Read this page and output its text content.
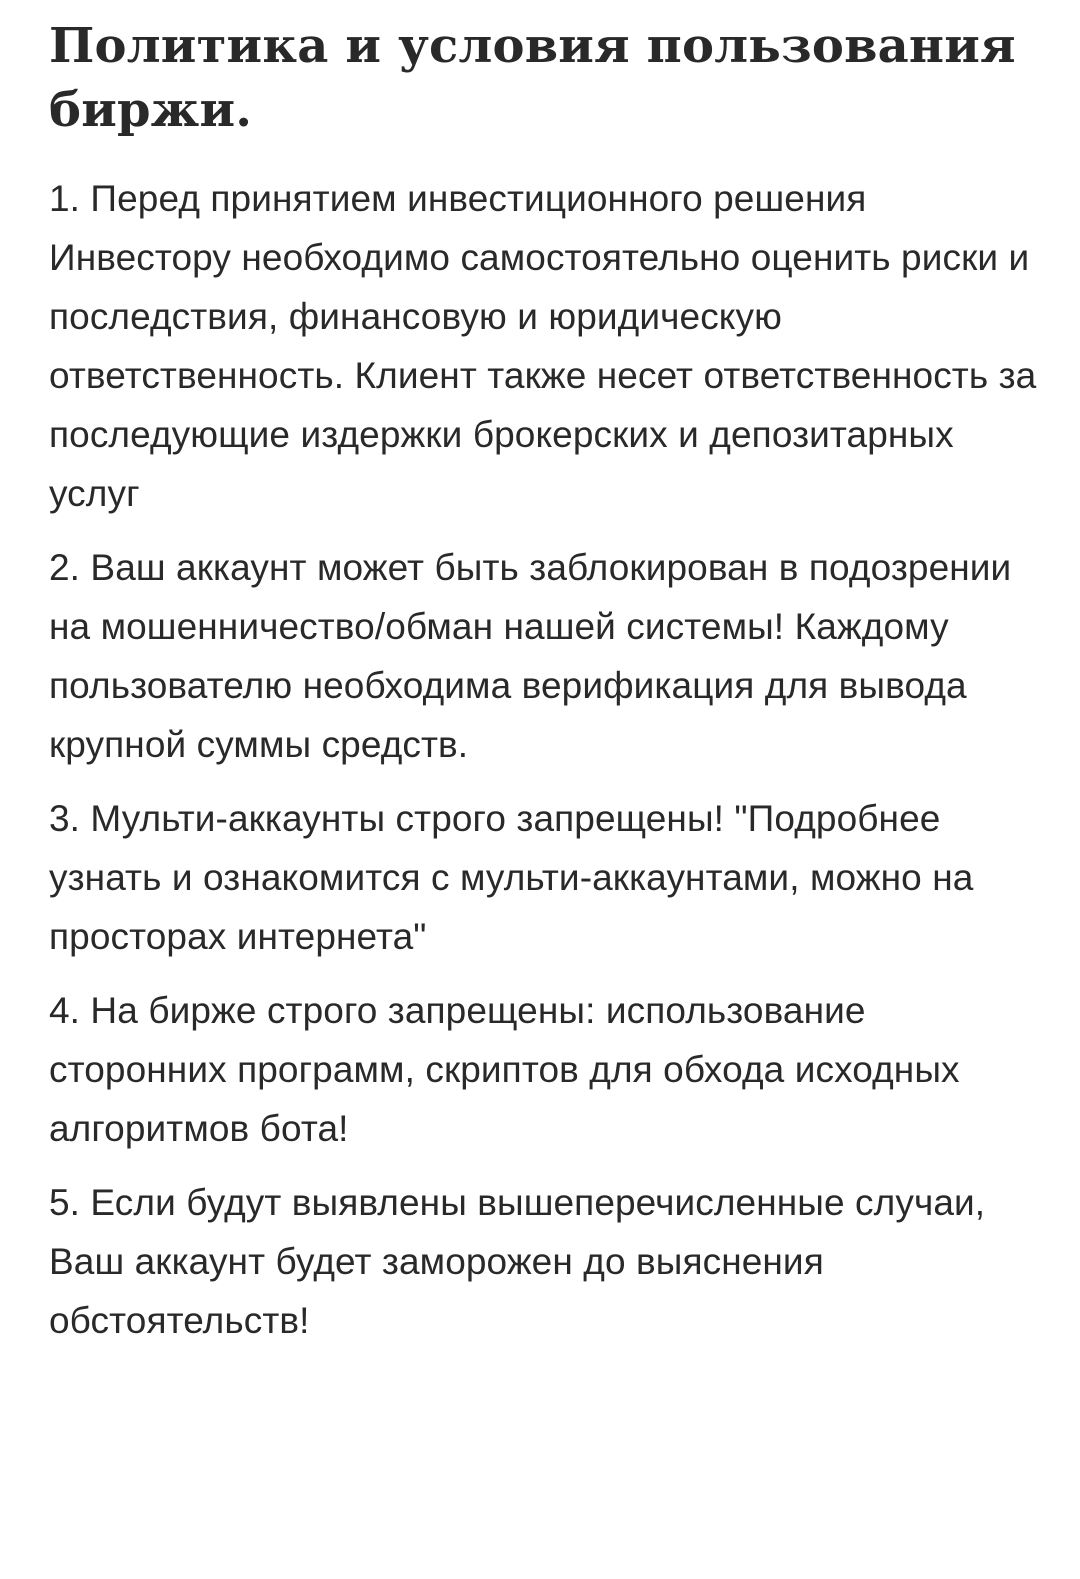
Политика и условия пользования биржи.

1. Перед принятием инвестиционного решения Инвестору необходимо самостоятельно оценить риски и последствия, финансовую и юридическую ответственность. Клиент также несет ответственность за последующие издержки брокерских и депозитарных услуг

2. Ваш аккаунт может быть заблокирован в подозрении на мошенничество/обман нашей системы! Каждому пользователю необходима верификация для вывода крупной суммы средств.

3. Мульти-аккаунты строго запрещены! "Подробнее узнать и ознакомится с мульти-аккаунтами, можно на просторах интернета"

4. На бирже строго запрещены: использование сторонних программ, скриптов для обхода исходных алгоритмов бота!

5. Если будут выявлены вышеперечисленные случаи, Ваш аккаунт будет заморожен до выяснения обстоятельств!
